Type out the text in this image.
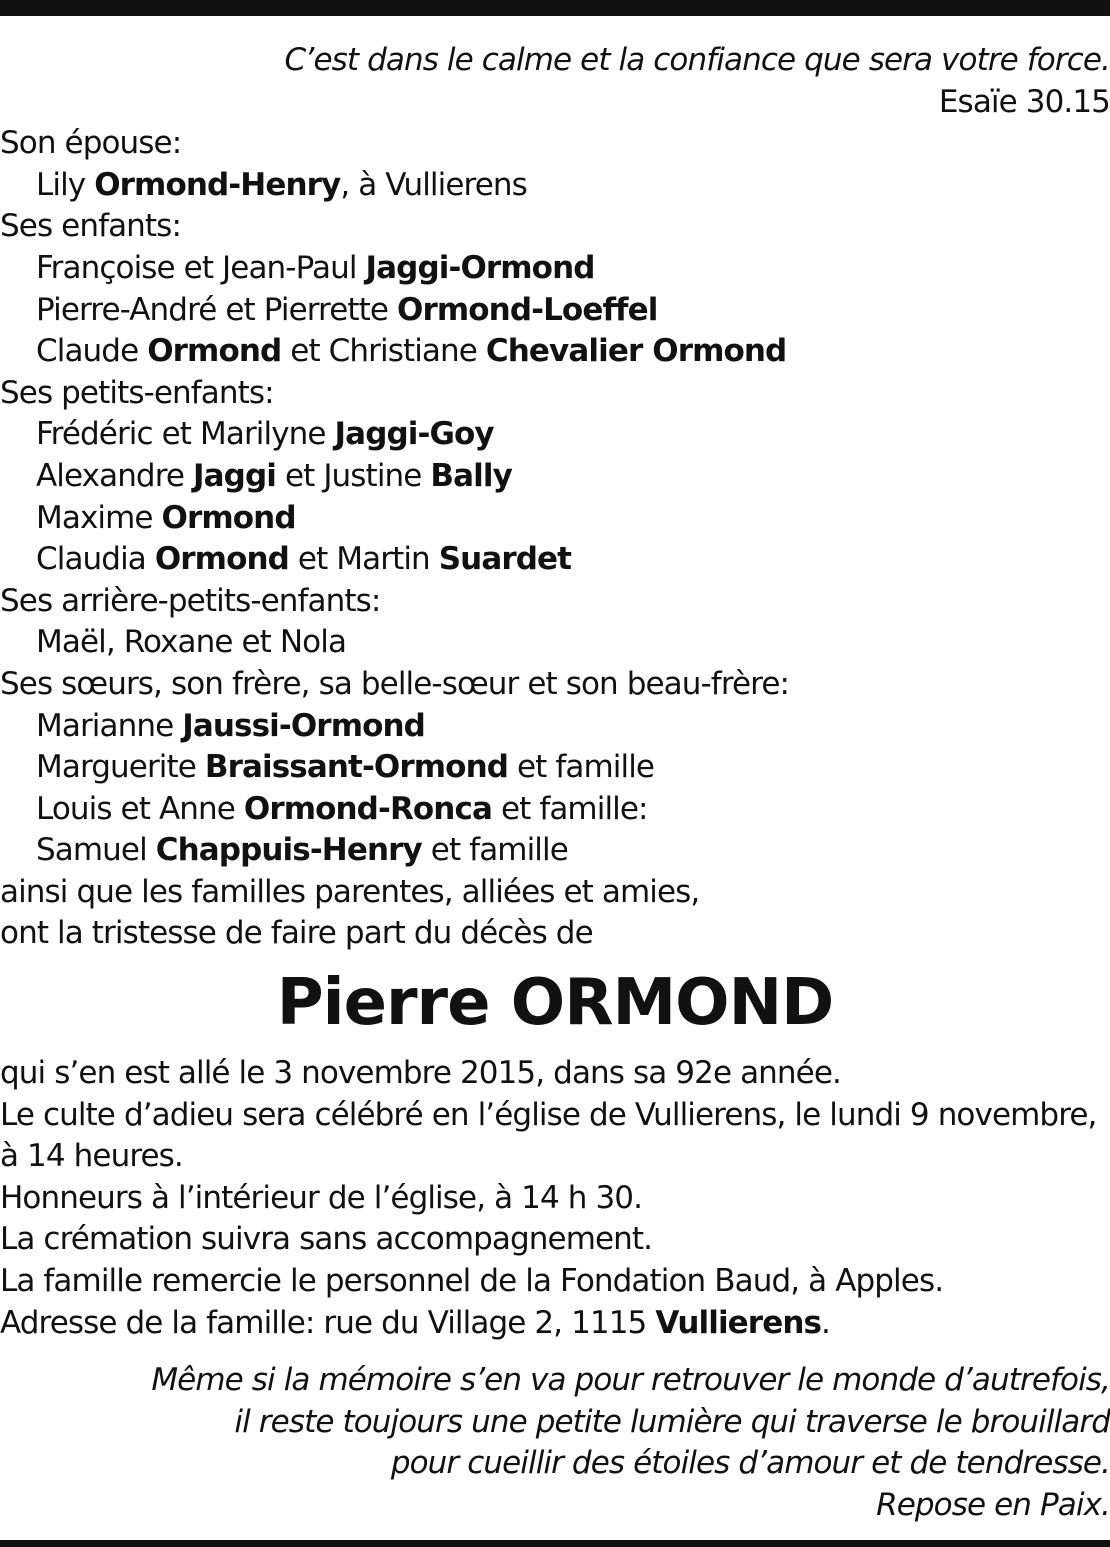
C’est dans le calme et la confiance que sera votre force.
Esaïe 30.15
Son épouse:
Lily Ormond-Henry, à Vullierens
Ses enfants:
Françoise et Jean-Paul Jaggi-Ormond
Pierre-André et Pierrette Ormond-Loeffel
Claude Ormond et Christiane Chevalier Ormond
Ses petits-enfants:
Frédéric et Marilyne Jaggi-Goy
Alexandre Jaggi et Justine Bally
Maxime Ormond
Claudia Ormond et Martin Suardet
Ses arrière-petits-enfants:
Maël, Roxane et Nola
Ses sœurs, son frère, sa belle-sœur et son beau-frère:
Marianne Jaussi-Ormond
Marguerite Braissant-Ormond et famille
Louis et Anne Ormond-Ronca et famille:
Samuel Chappuis-Henry et famille
ainsi que les familles parentes, alliées et amies,
ont la tristesse de faire part du décès de
Pierre ORMOND
qui s’en est allé le 3 novembre 2015, dans sa 92e année.
Le culte d’adieu sera célébré en l’église de Vullierens, le lundi 9 novembre,
à 14 heures.
Honneurs à l’intérieur de l’église, à 14 h 30.
La crémation suivra sans accompagnement.
La famille remercie le personnel de la Fondation Baud, à Apples.
Adresse de la famille: rue du Village 2, 1115 Vullierens.
Même si la mémoire s’en va pour retrouver le monde d’autrefois,
il reste toujours une petite lumière qui traverse le brouillard
pour cueillir des étoiles d’amour et de tendresse.
Repose en Paix.
